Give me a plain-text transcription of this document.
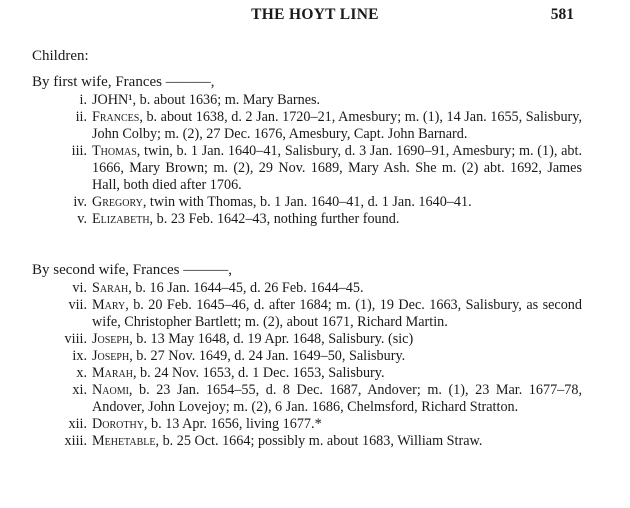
THE HOYT LINE	581
Children:
By first wife, Frances ———,
i. JOHN¹, b. about 1636; m. Mary Barnes.
ii. Frances, b. about 1638, d. 2 Jan. 1720–21, Amesbury; m. (1), 14 Jan. 1655, Salisbury, John Colby; m. (2), 27 Dec. 1676, Amesbury, Capt. John Barnard.
iii. Thomas, twin, b. 1 Jan. 1640–41, Salisbury, d. 3 Jan. 1690–91, Amesbury; m. (1), abt. 1666, Mary Brown; m. (2), 29 Nov. 1689, Mary Ash. She m. (2) abt. 1692, James Hall, both died after 1706.
iv. Gregory, twin with Thomas, b. 1 Jan. 1640–41, d. 1 Jan. 1640–41.
v. Elizabeth, b. 23 Feb. 1642–43, nothing further found.
By second wife, Frances ———,
vi. Sarah, b. 16 Jan. 1644–45, d. 26 Feb. 1644–45.
vii. Mary, b. 20 Feb. 1645–46, d. after 1684; m. (1), 19 Dec. 1663, Salisbury, as second wife, Christopher Bartlett; m. (2), about 1671, Richard Martin.
viii. Joseph, b. 13 May 1648, d. 19 Apr. 1648, Salisbury. (sic)
ix. Joseph, b. 27 Nov. 1649, d. 24 Jan. 1649–50, Salisbury.
x. Marah, b. 24 Nov. 1653, d. 1 Dec. 1653, Salisbury.
xi. Naomi, b. 23 Jan. 1654–55, d. 8 Dec. 1687, Andover; m. (1), 23 Mar. 1677–78, Andover, John Lovejoy; m. (2), 6 Jan. 1686, Chelmsford, Richard Stratton.
xii. Dorothy, b. 13 Apr. 1656, living 1677.*
xiii. Mehetable, b. 25 Oct. 1664; possibly m. about 1683, William Straw.
